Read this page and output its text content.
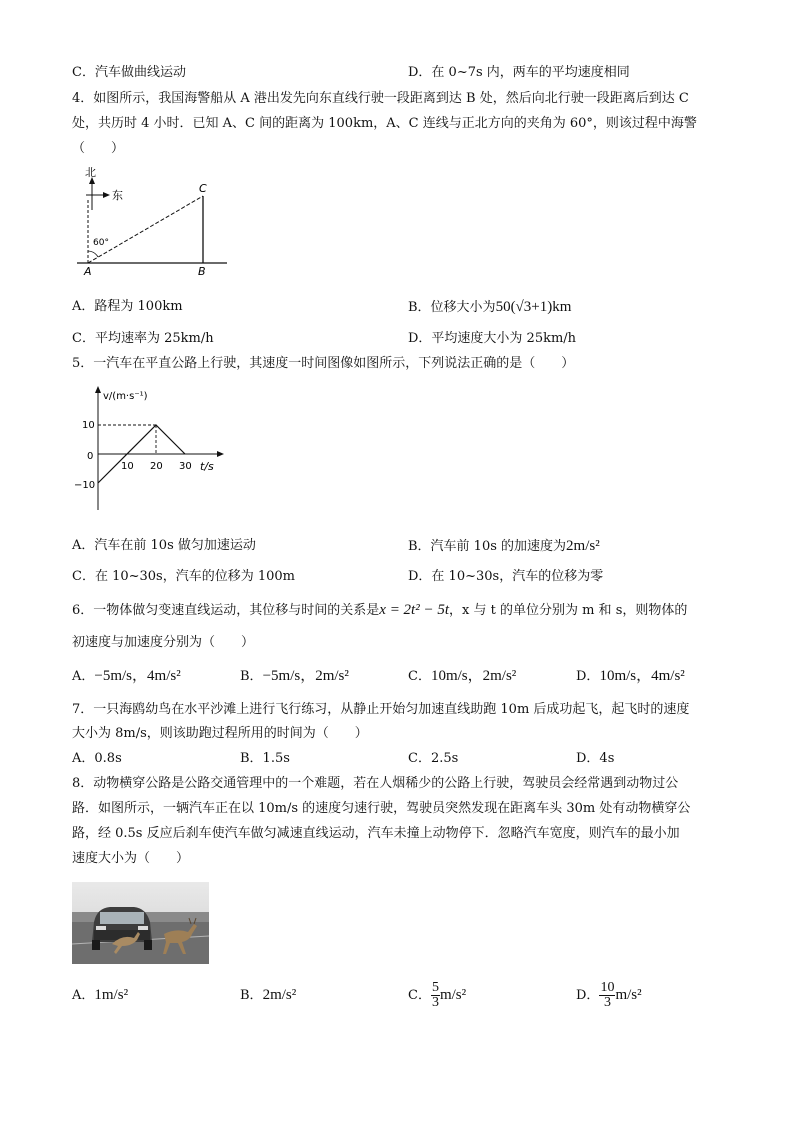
C．汽车做曲线运动	D．在 0~7s 内，两车的平均速度相同
4．如图所示，我国海警船从 A 港出发先向东直线行驶一段距离到达 B 处，然后向北行驶一段距离后到达 C
处，共历时 4 小时．已知 A、C 间的距离为 100km，A、C 连线与正北方向的夹角为 60°，则该过程中海警
（　　）
北
东
60°
A	B
C
A．路程为 100km	B．位移大小为50(√3+1)km
C．平均速率为 25km/h	D．平均速度大小为 25km/h
5．一汽车在平直公路上行驶，其速度一时间图像如图所示，下列说法正确的是（　　）
v/(m·s⁻¹)
t/s
10
0
−10
10 20 30
A．汽车在前 10s 做匀加速运动	B．汽车前 10s 的加速度为2m/s²
C．在 10~30s，汽车的位移为 100m	D．在 10~30s，汽车的位移为零
6．一物体做匀变速直线运动，其位移与时间的关系是x = 2t² − 5t，x 与 t 的单位分别为 m 和 s，则物体的
初速度与加速度分别为（　　）
A．−5m/s，4m/s²	B．−5m/s，2m/s²	C．10m/s，2m/s²	D．10m/s，4m/s²
7．一只海鸥幼鸟在水平沙滩上进行飞行练习，从静止开始匀加速直线助跑 10m 后成功起飞，起飞时的速度
大小为 8m/s，则该助跑过程所用的时间为（　　）
A．0.8s	B．1.5s	C．2.5s	D．4s
8．动物横穿公路是公路交通管理中的一个难题，若在人烟稀少的公路上行驶，驾驶员会经常遇到动物过公
路．如图所示，一辆汽车正在以 10m/s 的速度匀速行驶，驾驶员突然发现在距离车头 30m 处有动物横穿公
路，经 0.5s 反应后刹车使汽车做匀减速直线运动，汽车未撞上动物停下．忽略汽车宽度，则汽车的最小加
速度大小为（　　）
A．1m/s²	B．2m/s²	C． $\frac{5}{3} m/s^2$	D． $\frac{10}{3} m/s^2$
